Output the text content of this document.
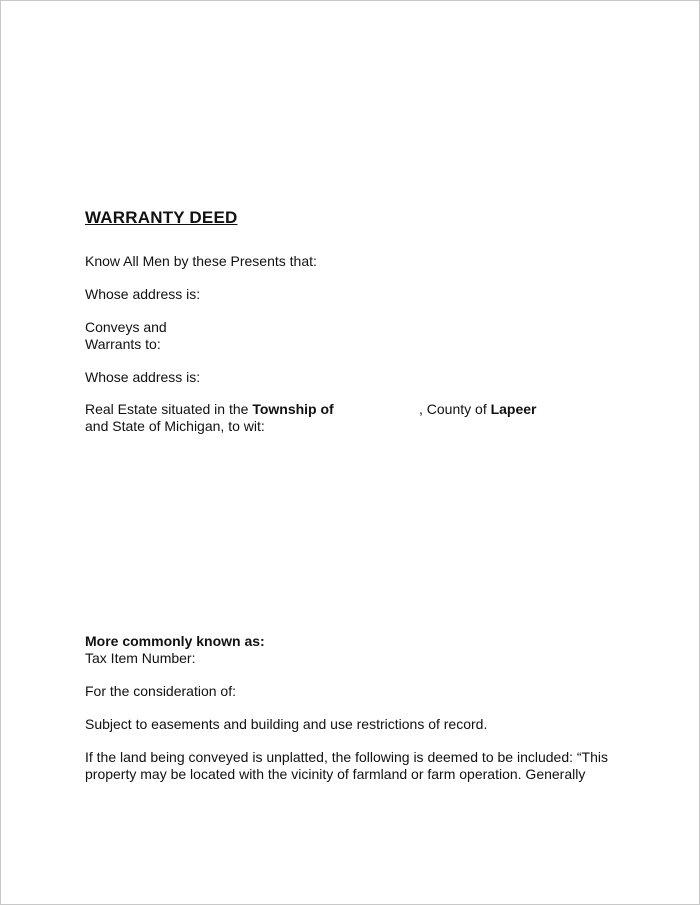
WARRANTY DEED
Know All Men by these Presents that:
Whose address is:
Conveys and
Warrants to:
Whose address is:
Real Estate situated in the Township of	, County of Lapeer
and State of Michigan, to wit:
More commonly known as:
Tax Item Number:
For the consideration of:
Subject to easements and building and use restrictions of record.
If the land being conveyed is unplatted, the following is deemed to be included: “This
property may be located with the vicinity of farmland or farm operation. Generally
